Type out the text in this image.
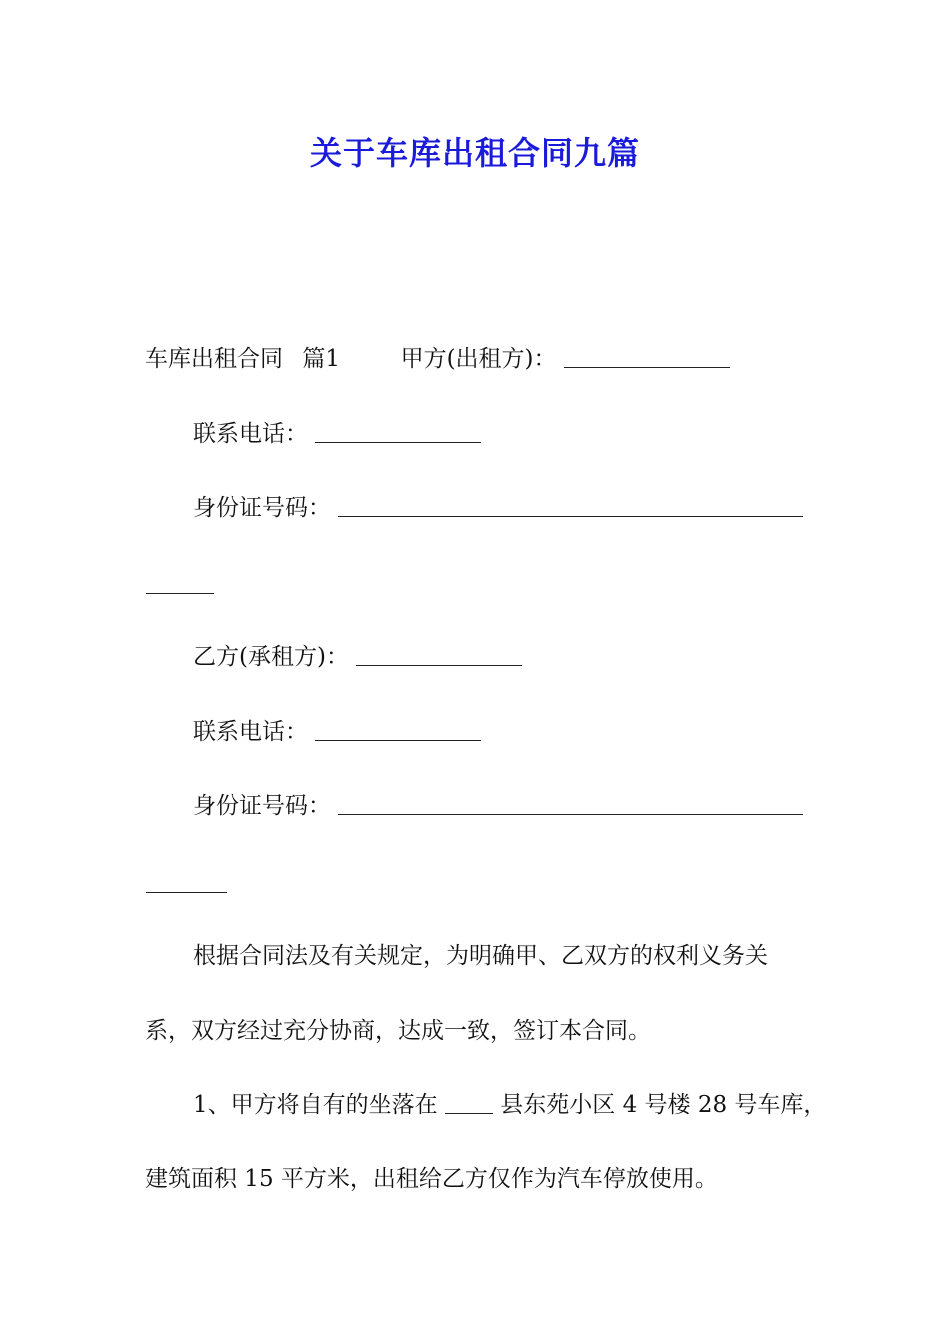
关于车库出租合同九篇
车库出租合同 篇1	甲方(出租方)：
联系电话：
身份证号码：
乙方(承租方)：
联系电话：
身份证号码：
根据合同法及有关规定，为明确甲、乙双方的权利义务关
系，双方经过充分协商，达成一致，签订本合同。
1、甲方将自有的坐落在	县东苑小区 4 号楼 28 号车库，
建筑面积 15 平方米，出租给乙方仅作为汽车停放使用。
